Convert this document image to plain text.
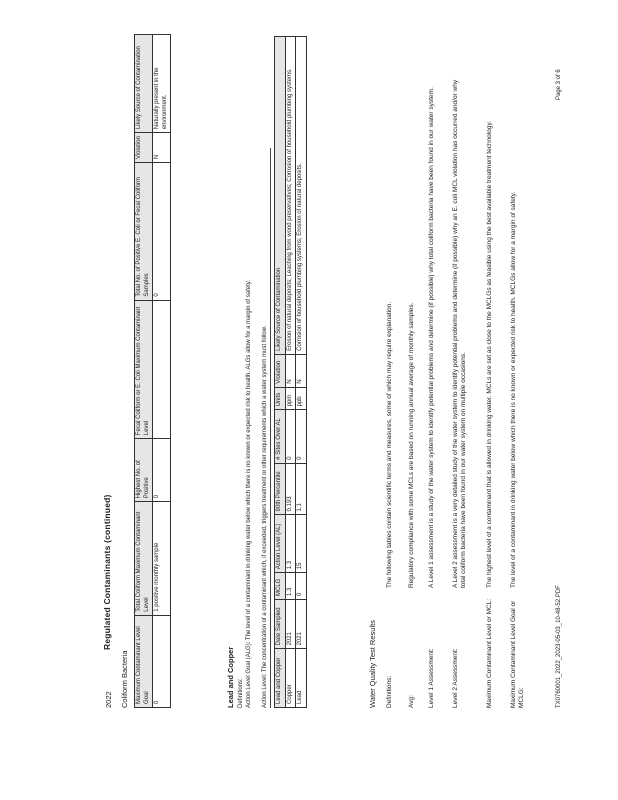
2022
Regulated Contaminants (continued)
Coliform Bacteria Maximum Contaminant Level Goal	Total Coliform Maximum Contaminant Level	Highest No. of Positive	Fecal Coliform or E. Coli Maximum Contaminant Level	Total No. of Positive E. Coli or Fecal Coliform Samples	Violation	Likely Source of Contamination
0	1 positive monthly sample	0		0	N	Naturally present in the environment.
Lead and Copper Definitions: Action Level Goal (ALG): The level of a contaminant in drinking water below which there is no known or expected risk to health. ALGs allow for a margin of safety. Action Level: The concentration of a contaminant which, if exceeded, triggers treatment or other requirements which a water system must follow.	Lead and Copper	Date Sampled	MCLG	Action Level (AL)	90th Percentile	# Sites Over AL	Units	Violation	Likely Source of Contamination
Copper	2021	1.3	1.3	0.193	0	ppm	N	Erosion of natural deposits; Leaching from wood preservatives; Corrosion of household plumbing systems.
Lead	2021	0	15	1.1	0	ppb	N	Corrosion of household plumbing systems; Erosion of natural deposits.
Water Quality Test Results Definitions:
The following tables contain scientific terms and measures, some of which may require explanation.
Avg:
Regulatory compliance with some MCLs are based on running annual average of monthly samples.
Level 1 Assessment:
A Level 1 assessment is a study of the water system to identify potential problems and determine (if possible) why total coliform bacteria have been found in our water system.
Level 2 Assessment:
A Level 2 assessment is a very detailed study of the water system to identify potential problems and determine (if possible) why an E. coli MCL violation has occurred and/or why total coliform bacteria have been found in our water system on multiple occasions.
Maximum Contaminant Level or MCL:
The highest level of a contaminant that is allowed in drinking water. MCLs are set as close to the MCLGs as feasible using the best available treatment technology.
Maximum Contaminant Level Goal or MCLG:
The level of a contaminant in drinking water below which there is no known or expected risk to health. MCLGs allow for a margin of safety.
TX0760001_2022_2023-05-03_10-48-52.PDF
Page 3 of 6
